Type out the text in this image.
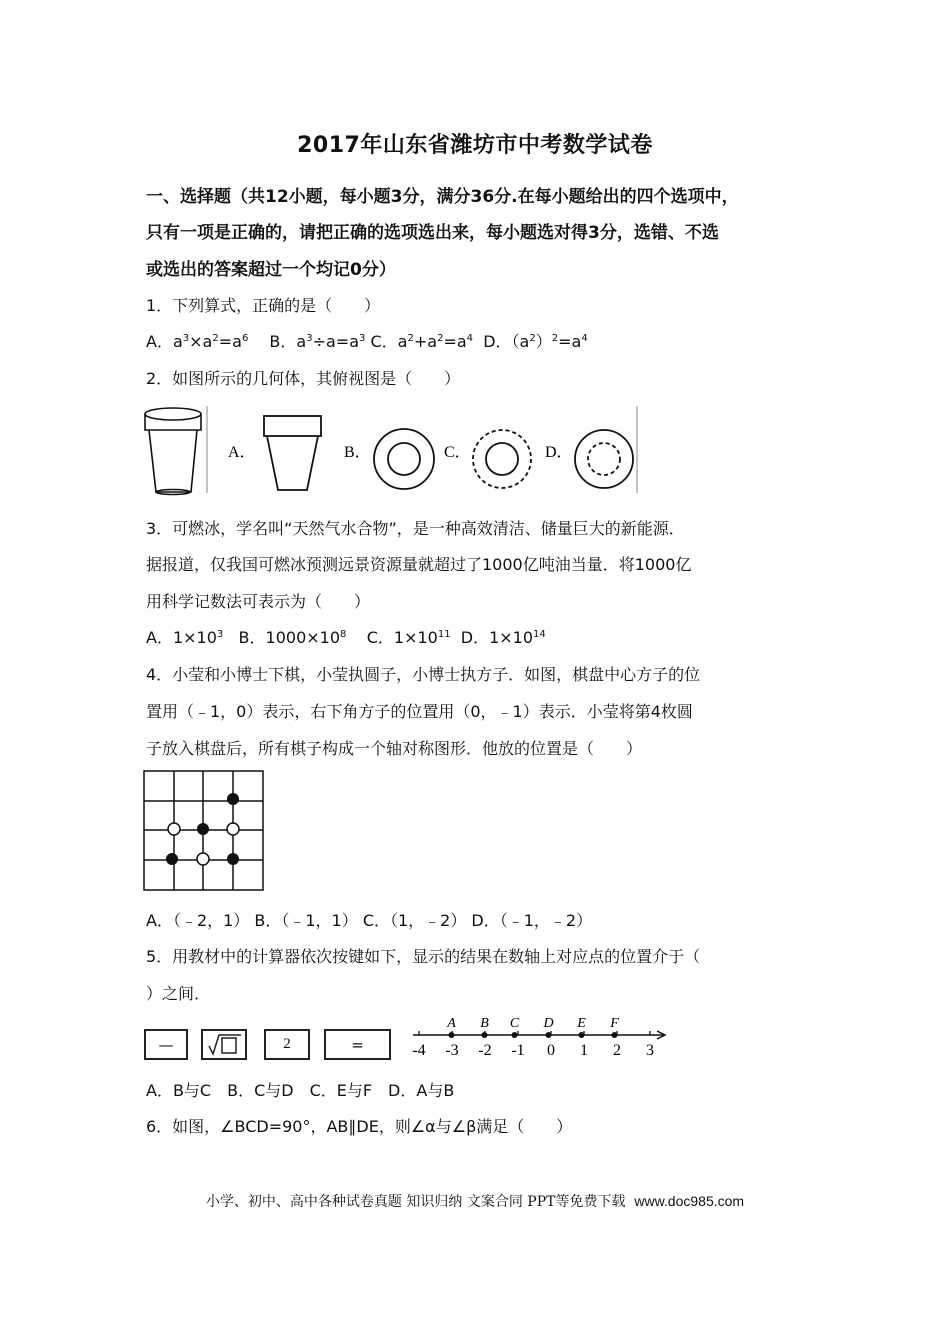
2017年山东省潍坊市中考数学试卷
一、选择题（共12小题，每小题3分，满分36分.在每小题给出的四个选项中，
只有一项是正确的，请把正确的选项选出来，每小题选对得3分，选错、不选
或选出的答案超过一个均记0分）
1．下列算式，正确的是（　　）
A．$a^3\times a^2=a^6$　 B．$a^3\div a=a^3$ C．$a^2+a^2=a^4$ D．$(a^2)^2=a^4$
2．如图所示的几何体，其俯视图是（　　）
A．	B．	C．	D．
3．可燃冰，学名叫“天然气水合物”，是一种高效清洁、储量巨大的新能源．
据报道，仅我国可燃冰预测远景资源量就超过了1000亿吨油当量．将1000亿
用科学记数法可表示为（　　）
A．$1\times 10^3$ B．$1000\times 10^8$ C．$1\times 10^{11}$ D．$1\times 10^{14}$
4．小莹和小博士下棋，小莹执圆子，小博士执方子．如图，棋盘中心方子的位
置用（﹣1，0）表示，右下角方子的位置用（0，﹣1）表示．小莹将第4枚圆
子放入棋盘后，所有棋子构成一个轴对称图形．他放的位置是（　　）
A．（﹣2，1） B．（﹣1，1） C．（1，﹣2） D．（﹣1，﹣2）
5．用教材中的计算器依次按键如下，显示的结果在数轴上对应点的位置介于（
）之间．
—	2	=	-4 -3 -2 -1 0 1 2 3
A B C D E F
A．B与C　B．C与D　C．E与F　D．A与B
6．如图，∠BCD=90°，AB∥DE，则∠α与∠β满足（　　）
小学、初中、高中各种试卷真题 知识归纳 文案合同 PPT等免费下载 www.doc985.com
